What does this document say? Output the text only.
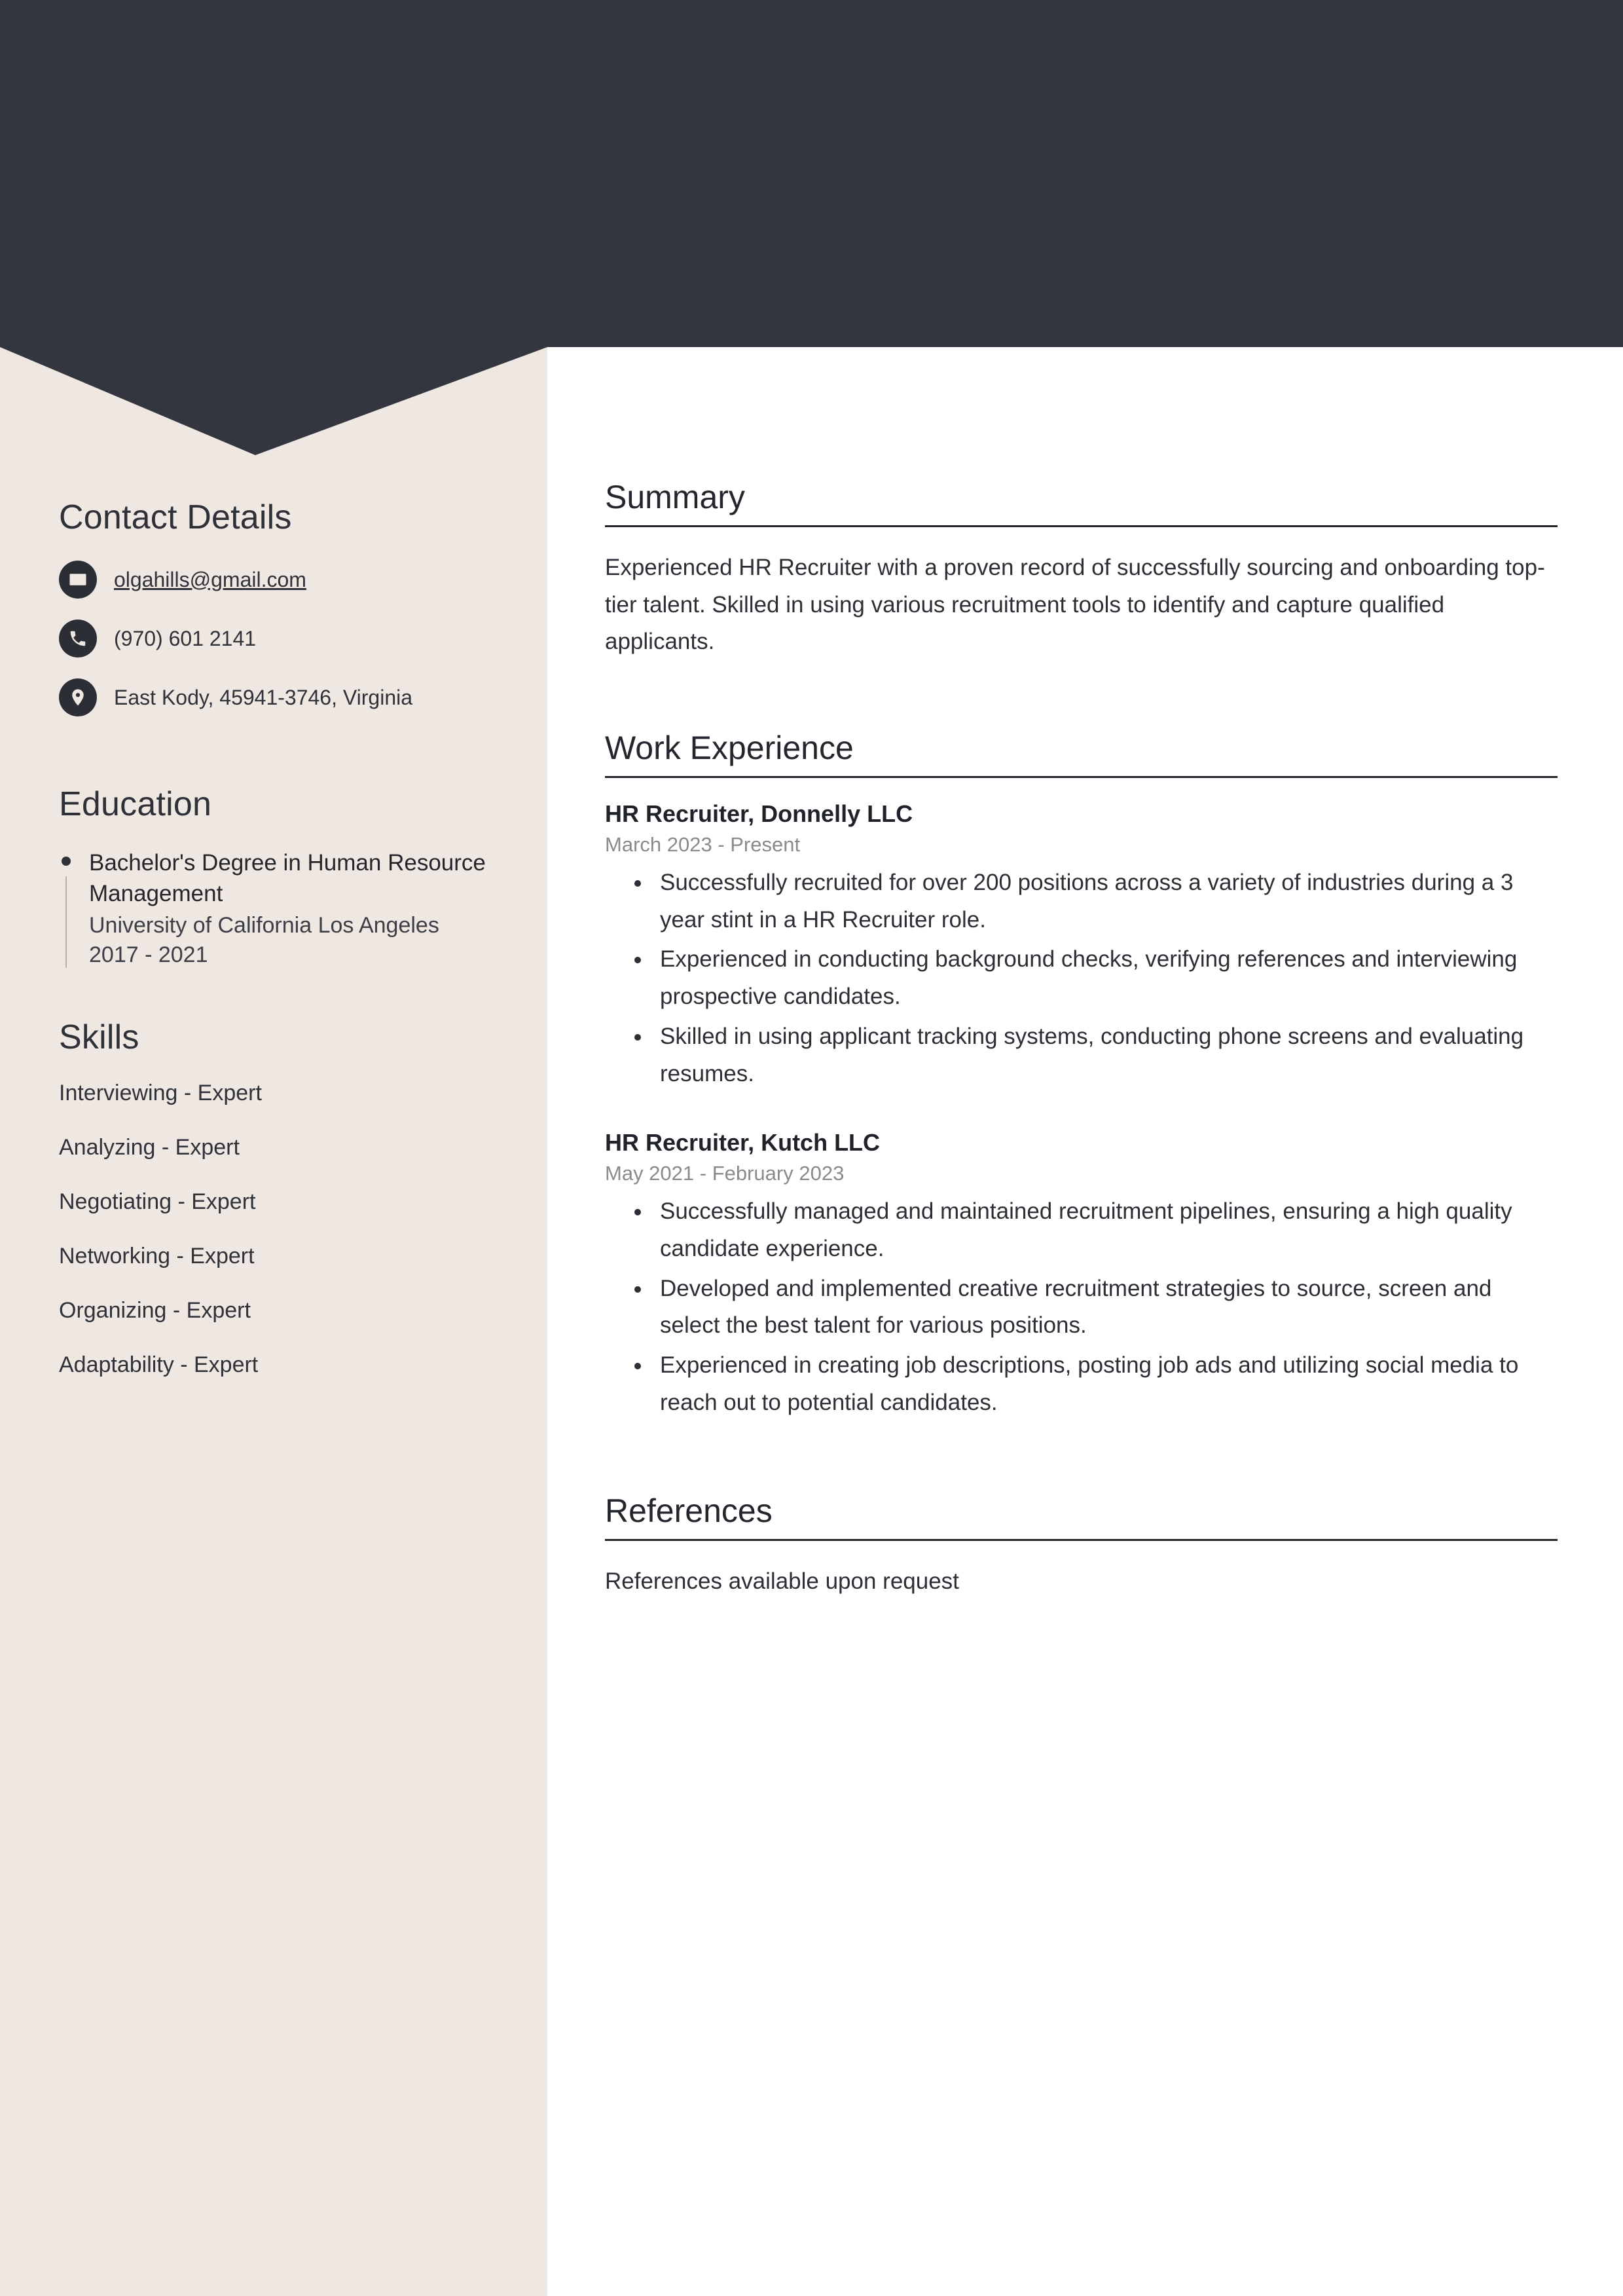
Contact Details
olgahills@gmail.com
(970) 601 2141
East Kody, 45941-3746, Virginia
Education
Bachelor's Degree in Human Resource Management
University of California Los Angeles
2017 - 2021
Skills
Interviewing - Expert
Analyzing - Expert
Negotiating - Expert
Networking - Expert
Organizing - Expert
Adaptability - Expert
Summary
Experienced HR Recruiter with a proven record of successfully sourcing and onboarding top-tier talent. Skilled in using various recruitment tools to identify and capture qualified applicants.
Work Experience
HR Recruiter, Donnelly LLC
March 2023 - Present
• Successfully recruited for over 200 positions across a variety of industries during a 3 year stint in a HR Recruiter role.
• Experienced in conducting background checks, verifying references and interviewing prospective candidates.
• Skilled in using applicant tracking systems, conducting phone screens and evaluating resumes.
HR Recruiter, Kutch LLC
May 2021 - February 2023
• Successfully managed and maintained recruitment pipelines, ensuring a high quality candidate experience.
• Developed and implemented creative recruitment strategies to source, screen and select the best talent for various positions.
• Experienced in creating job descriptions, posting job ads and utilizing social media to reach out to potential candidates.
References
References available upon request
